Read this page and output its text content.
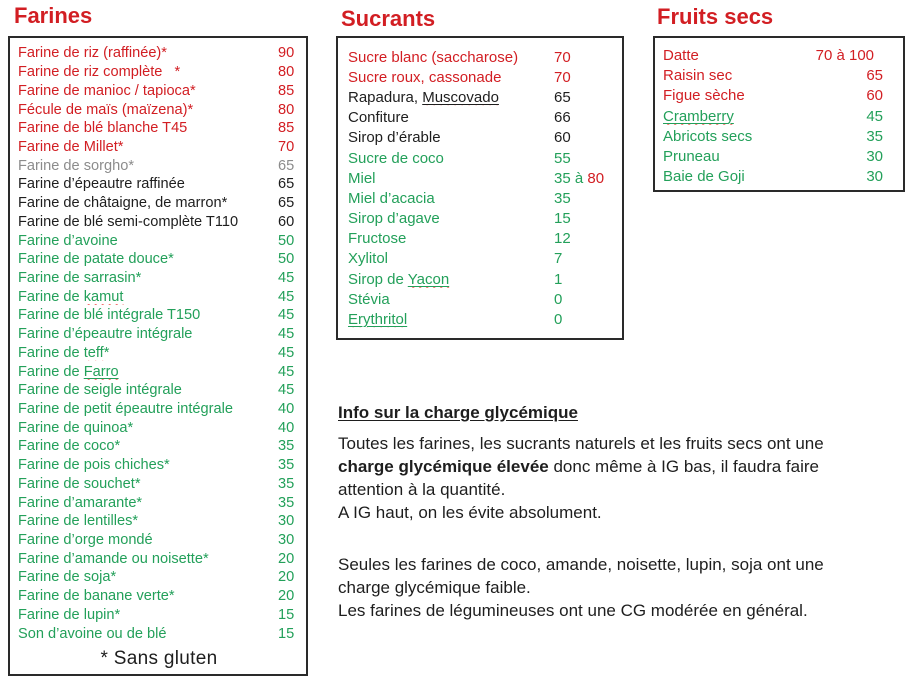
Farines	Sucrants	Fruits secs
Farine de riz (raffinée)*	90
Farine de riz complète   *	80
Farine de manioc / tapioca*	85
Fécule de maïs (maïzena)*	80
Farine de blé blanche T45	85
Farine de Millet*	70
Farine de sorgho*	65
Farine d’épeautre raffinée	65
Farine de châtaigne, de marron*	65
Farine de blé semi-complète T110	60
Farine d’avoine	50
Farine de patate douce*	50
Farine de sarrasin*	45
Farine de kamut	45
Farine de blé intégrale T150	45
Farine d’épeautre intégrale	45
Farine de teff*	45
Farine de Farro	45
Farine de seigle intégrale	45
Farine de petit épeautre intégrale	40
Farine de quinoa*	40
Farine de coco*	35
Farine de pois chiches*	35
Farine de souchet*	35
Farine d’amarante*	35
Farine de lentilles*	30
Farine d’orge mondé	30
Farine d’amande ou noisette*	20
Farine de soja*	20
Farine de banane verte*	20
Farine de lupin*	15
Son d’avoine ou de blé	15
* Sans gluten
Sucre blanc (saccharose)	70
Sucre roux, cassonade	70
Rapadura, Muscovado	65
Confiture	66
Sirop d’érable	60
Sucre de coco	55
Miel	35 à 80
Miel d’acacia	35
Sirop d’agave	15
Fructose	12
Xylitol	7
Sirop de Yacon	1
Stévia	0
Erythritol	0
Datte	70 à 100
Raisin sec	65
Figue sèche	60
Cramberry	45
Abricots secs	35
Pruneau	30
Baie de Goji	30
Info sur la charge glycémique
Toutes les farines, les sucrants naturels et les fruits secs ont une
charge glycémique élevée donc même à IG bas, il faudra faire
attention à la quantité.
A IG haut, on les évite absolument.
Seules les farines de coco, amande, noisette, lupin, soja ont une
charge glycémique faible.
Les farines de légumineuses ont une CG modérée en général.
